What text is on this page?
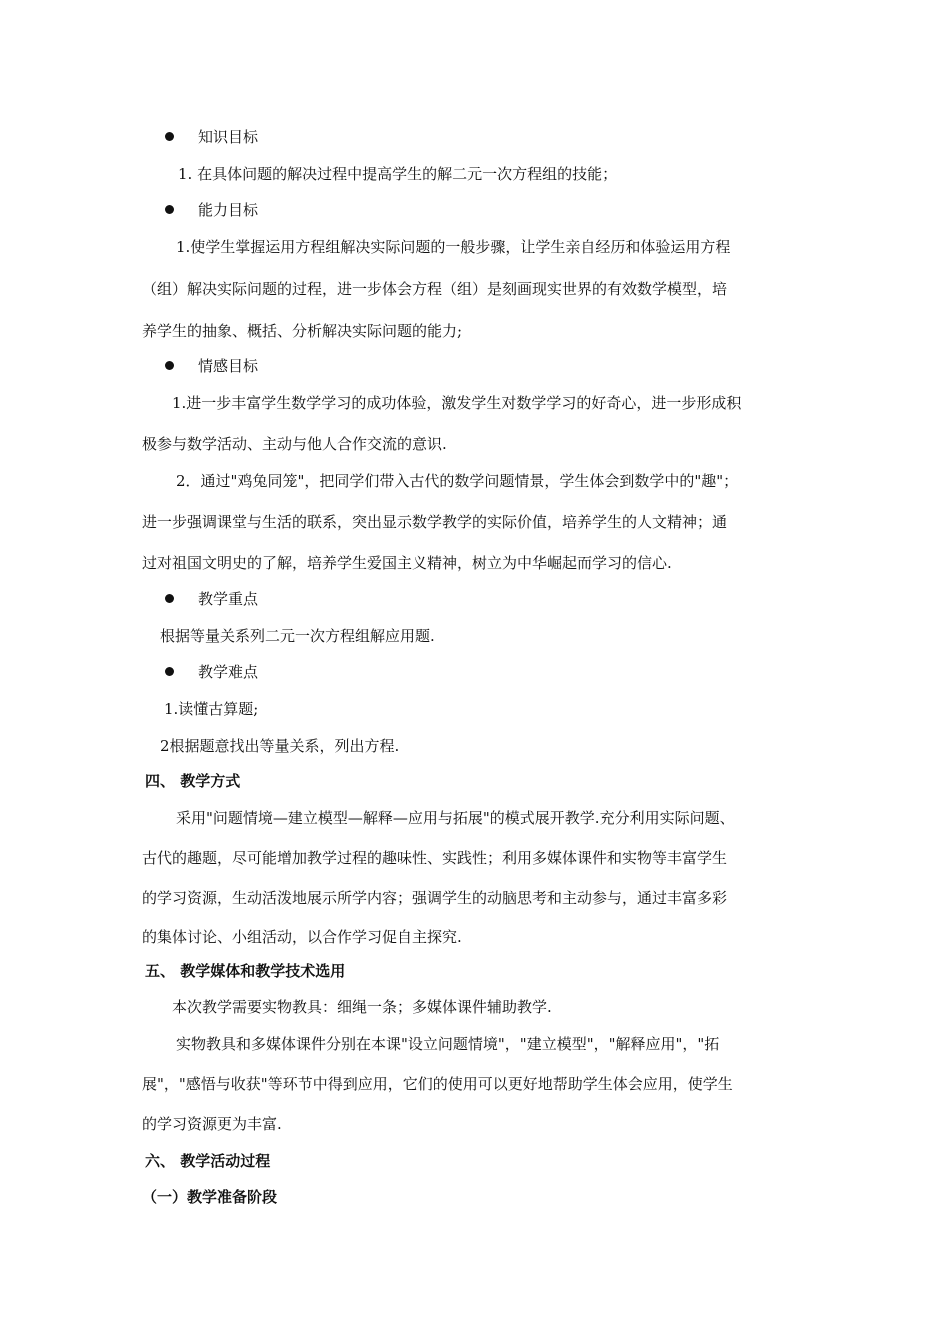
知识目标
1. 在具体问题的解决过程中提高学生的解二元一次方程组的技能；
能力目标
1.使学生掌握运用方程组解决实际问题的一般步骤，让学生亲自经历和体验运用方程
（组）解决实际问题的过程，进一步体会方程（组）是刻画现实世界的有效数学模型，培
养学生的抽象、概括、分析解决实际问题的能力;
情感目标
1.进一步丰富学生数学学习的成功体验，激发学生对数学学习的好奇心，进一步形成积
极参与数学活动、主动与他人合作交流的意识.
2．通过"鸡兔同笼"，把同学们带入古代的数学问题情景，学生体会到数学中的"趣"；
进一步强调课堂与生活的联系，突出显示数学教学的实际价值，培养学生的人文精神；通
过对祖国文明史的了解，培养学生爱国主义精神，树立为中华崛起而学习的信心.
教学重点
根据等量关系列二元一次方程组解应用题.
教学难点
1.读懂古算题;
2根据题意找出等量关系，列出方程.
四、 教学方式
采用"问题情境—建立模型—解释—应用与拓展"的模式展开教学.充分利用实际问题、
古代的趣题，尽可能增加教学过程的趣味性、实践性；利用多媒体课件和实物等丰富学生
的学习资源，生动活泼地展示所学内容；强调学生的动脑思考和主动参与，通过丰富多彩
的集体讨论、小组活动，以合作学习促自主探究.
五、 教学媒体和教学技术选用
本次教学需要实物教具：细绳一条；多媒体课件辅助教学.
实物教具和多媒体课件分别在本课"设立问题情境"，"建立模型"，"解释应用"，"拓
展"，"感悟与收获"等环节中得到应用，它们的使用可以更好地帮助学生体会应用，使学生
的学习资源更为丰富.
六、 教学活动过程
（一）教学准备阶段
